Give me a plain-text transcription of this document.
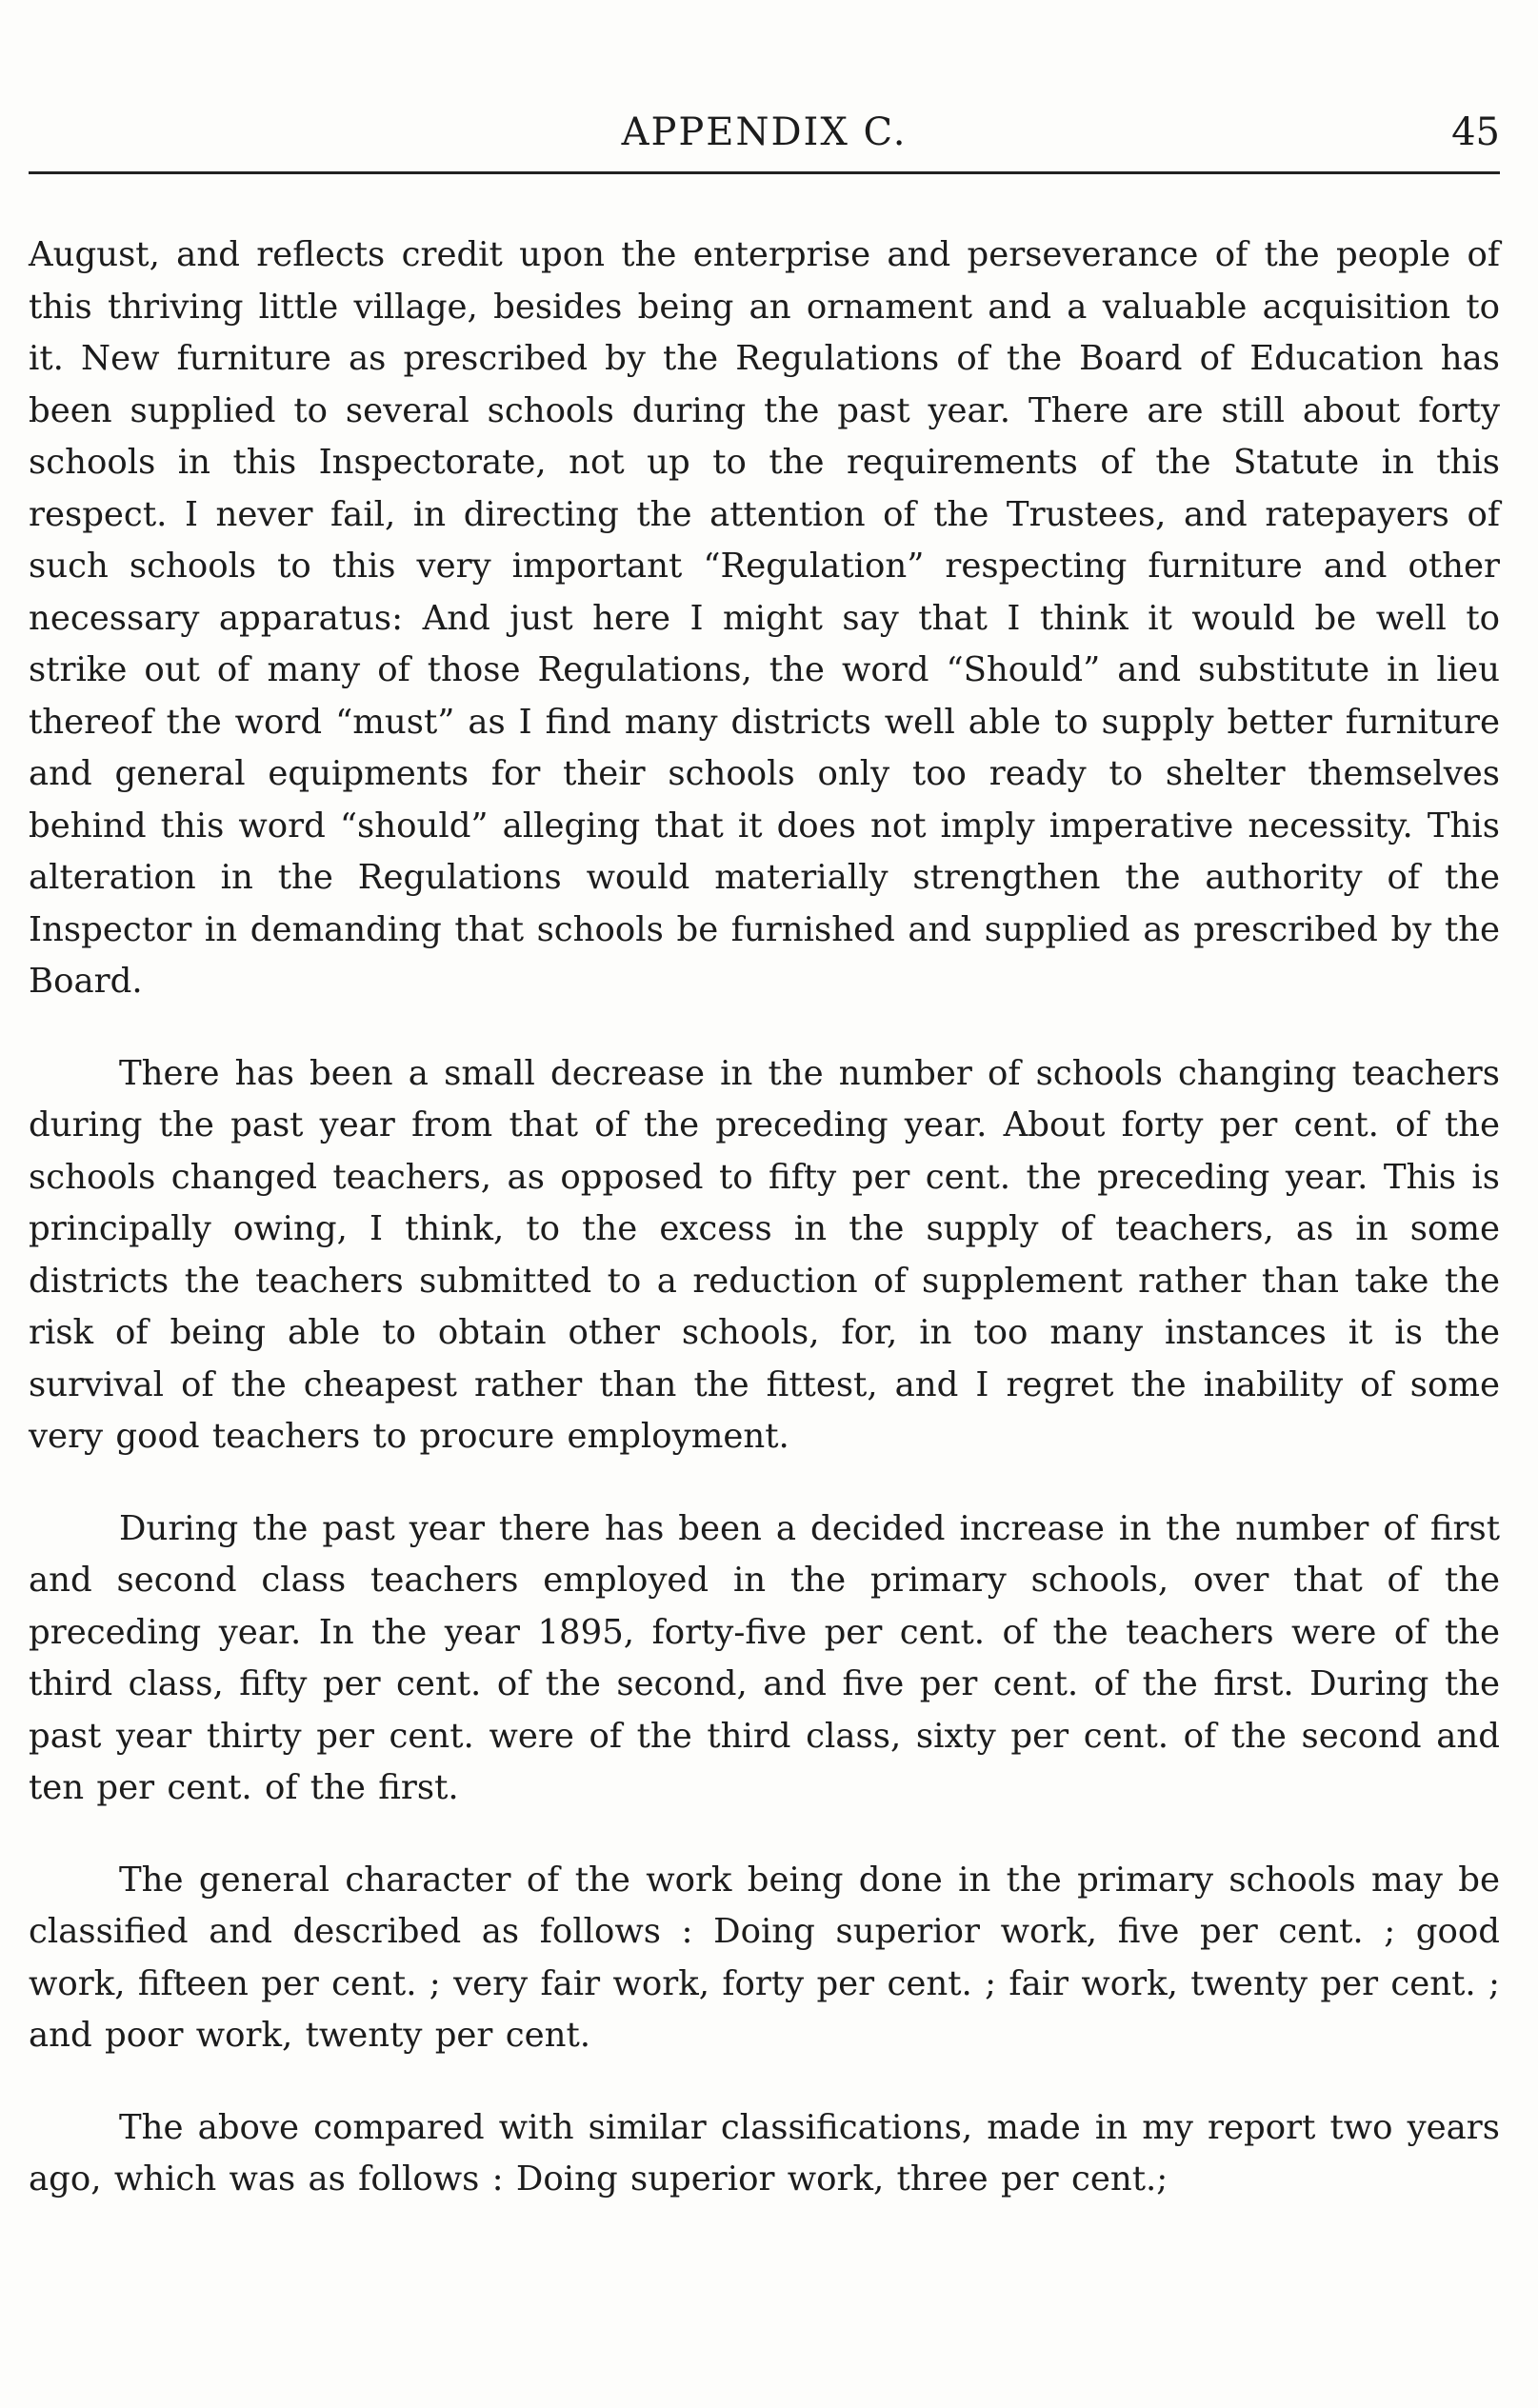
APPENDIX C.	45

August, and reflects credit upon the enterprise and perseverance of the people of this thriving little village, besides being an ornament and a valuable acquisition to it. New furniture as prescribed by the Regulations of the Board of Education has been supplied to several schools during the past year. There are still about forty schools in this Inspectorate, not up to the requirements of the Statute in this respect. I never fail, in directing the attention of the Trustees, and ratepayers of such schools to this very important “Regulation” respecting furniture and other necessary apparatus: And just here I might say that I think it would be well to strike out of many of those Regulations, the word “Should” and substitute in lieu thereof the word “must” as I find many districts well able to supply better furniture and general equipments for their schools only too ready to shelter themselves behind this word “should” alleging that it does not imply imperative necessity. This alteration in the Regulations would materially strengthen the authority of the Inspector in demanding that schools be furnished and supplied as prescribed by the Board.

There has been a small decrease in the number of schools changing teachers during the past year from that of the preceding year. About forty per cent. of the schools changed teachers, as opposed to fifty per cent. the preceding year. This is principally owing, I think, to the excess in the supply of teachers, as in some districts the teachers submitted to a reduction of supplement rather than take the risk of being able to obtain other schools, for, in too many instances it is the survival of the cheapest rather than the fittest, and I regret the inability of some very good teachers to procure employment.

During the past year there has been a decided increase in the number of first and second class teachers employed in the primary schools, over that of the preceding year. In the year 1895, forty-five per cent. of the teachers were of the third class, fifty per cent. of the second, and five per cent. of the first. During the past year thirty per cent. were of the third class, sixty per cent. of the second and ten per cent. of the first.

The general character of the work being done in the primary schools may be classified and described as follows : Doing superior work, five per cent. ; good work, fifteen per cent. ; very fair work, forty per cent. ; fair work, twenty per cent. ; and poor work, twenty per cent.

The above compared with similar classifications, made in my report two years ago, which was as follows : Doing superior work, three per cent.;
